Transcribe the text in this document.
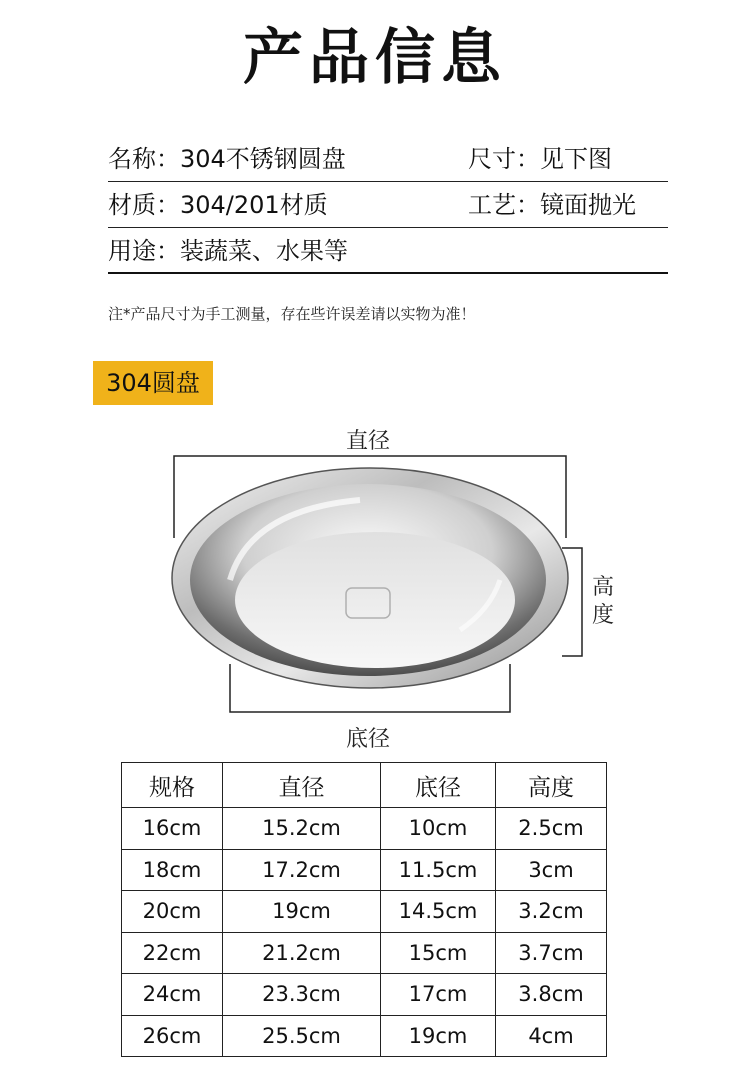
产品信息
名称：304不锈钢圆盘	尺寸：见下图
材质：304/201材质	工艺：镜面抛光
用途：装蔬菜、水果等
注*产品尺寸为手工测量，存在些许误差请以实物为准！
304圆盘
直径
高度
底径
规格	直径	底径	高度
16cm	15.2cm	10cm	2.5cm
18cm	17.2cm	11.5cm	3cm
20cm	19cm	14.5cm	3.2cm
22cm	21.2cm	15cm	3.7cm
24cm	23.3cm	17cm	3.8cm
26cm	25.5cm	19cm	4cm
